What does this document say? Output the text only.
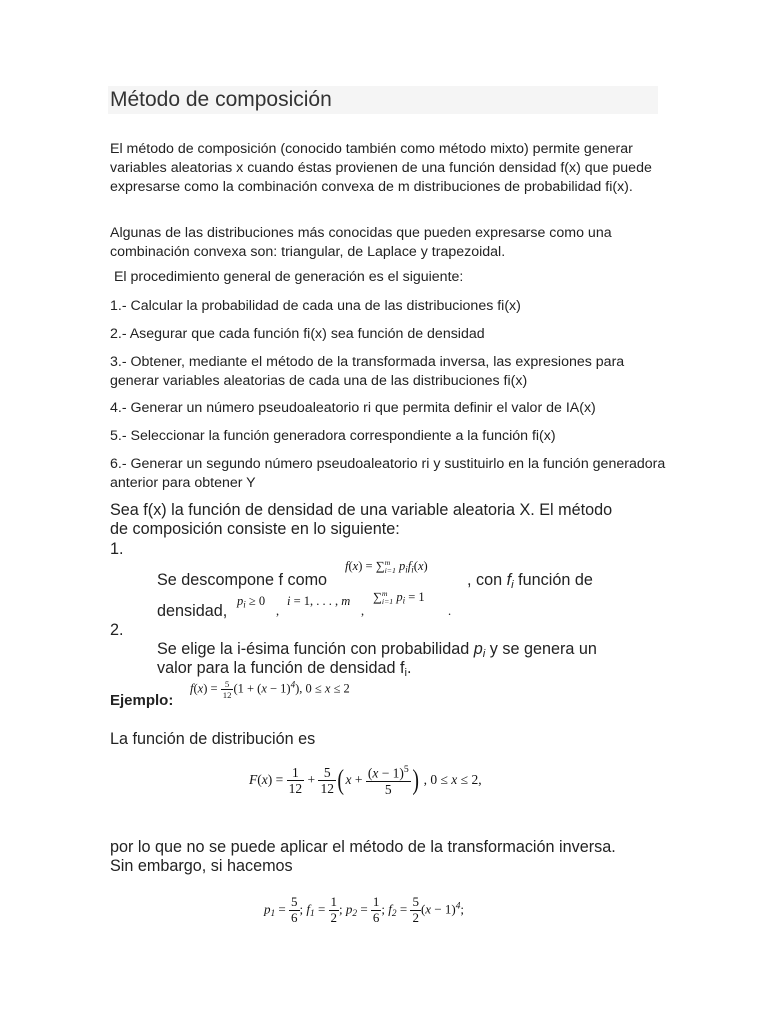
Método de composición

El método de composición (conocido también como método mixto) permite generar variables aleatorias x cuando éstas provienen de una función densidad f(x) que puede expresarse como la combinación convexa de m distribuciones de probabilidad fi(x).

Algunas de las distribuciones más conocidas que pueden expresarse como una combinación convexa son: triangular, de Laplace y trapezoidal.

El procedimiento general de generación es el siguiente:

1.- Calcular la probabilidad de cada una de las distribuciones fi(x)

2.- Asegurar que cada función fi(x) sea función de densidad

3.- Obtener, mediante el método de la transformada inversa, las expresiones para generar variables aleatorias de cada una de las distribuciones fi(x)

4.- Generar un número pseudoaleatorio ri que permita definir el valor de IA(x)

5.- Seleccionar la función generadora correspondiente a la función fi(x)

6.- Generar un segundo número pseudoaleatorio ri y sustituirlo en la función generadora anterior para obtener Y

Sea f(x) la función de densidad de una variable aleatoria X. El método

de composición consiste en lo siguiente:

1.

Se descompone f como

f(x) = ∑ m
i=1 $p_if_i(x)$

, con fi función de

densidad,

$p_i \ge 0$
,
i = 1, . . . , m
,
∑ m
i=1 $p_i = 1$
.

2.

Se elige la i-ésima función con probabilidad pi y se genera un

valor para la función de densidad fi.

$f(x) = \frac{5}{12} (1 + (x - 1)^4)$, 0 ≤ x ≤ 2

Ejemplo:

La función de distribución es

$F(x) = \frac{1}{12} + \frac{5}{12} (x + \frac{(x - 1)^5}{5}$ ) , 0 ≤ x ≤ 2,

por lo que no se puede aplicar el método de la transformación inversa.

Sin embargo, si hacemos

$p_1 = \frac{5}{6}$ ; $f_1 = \frac{1}{2}$ ; $p_2 = \frac{1}{6}$ ; $f_2 = \frac{5}{2} (x - 1)^4$;
